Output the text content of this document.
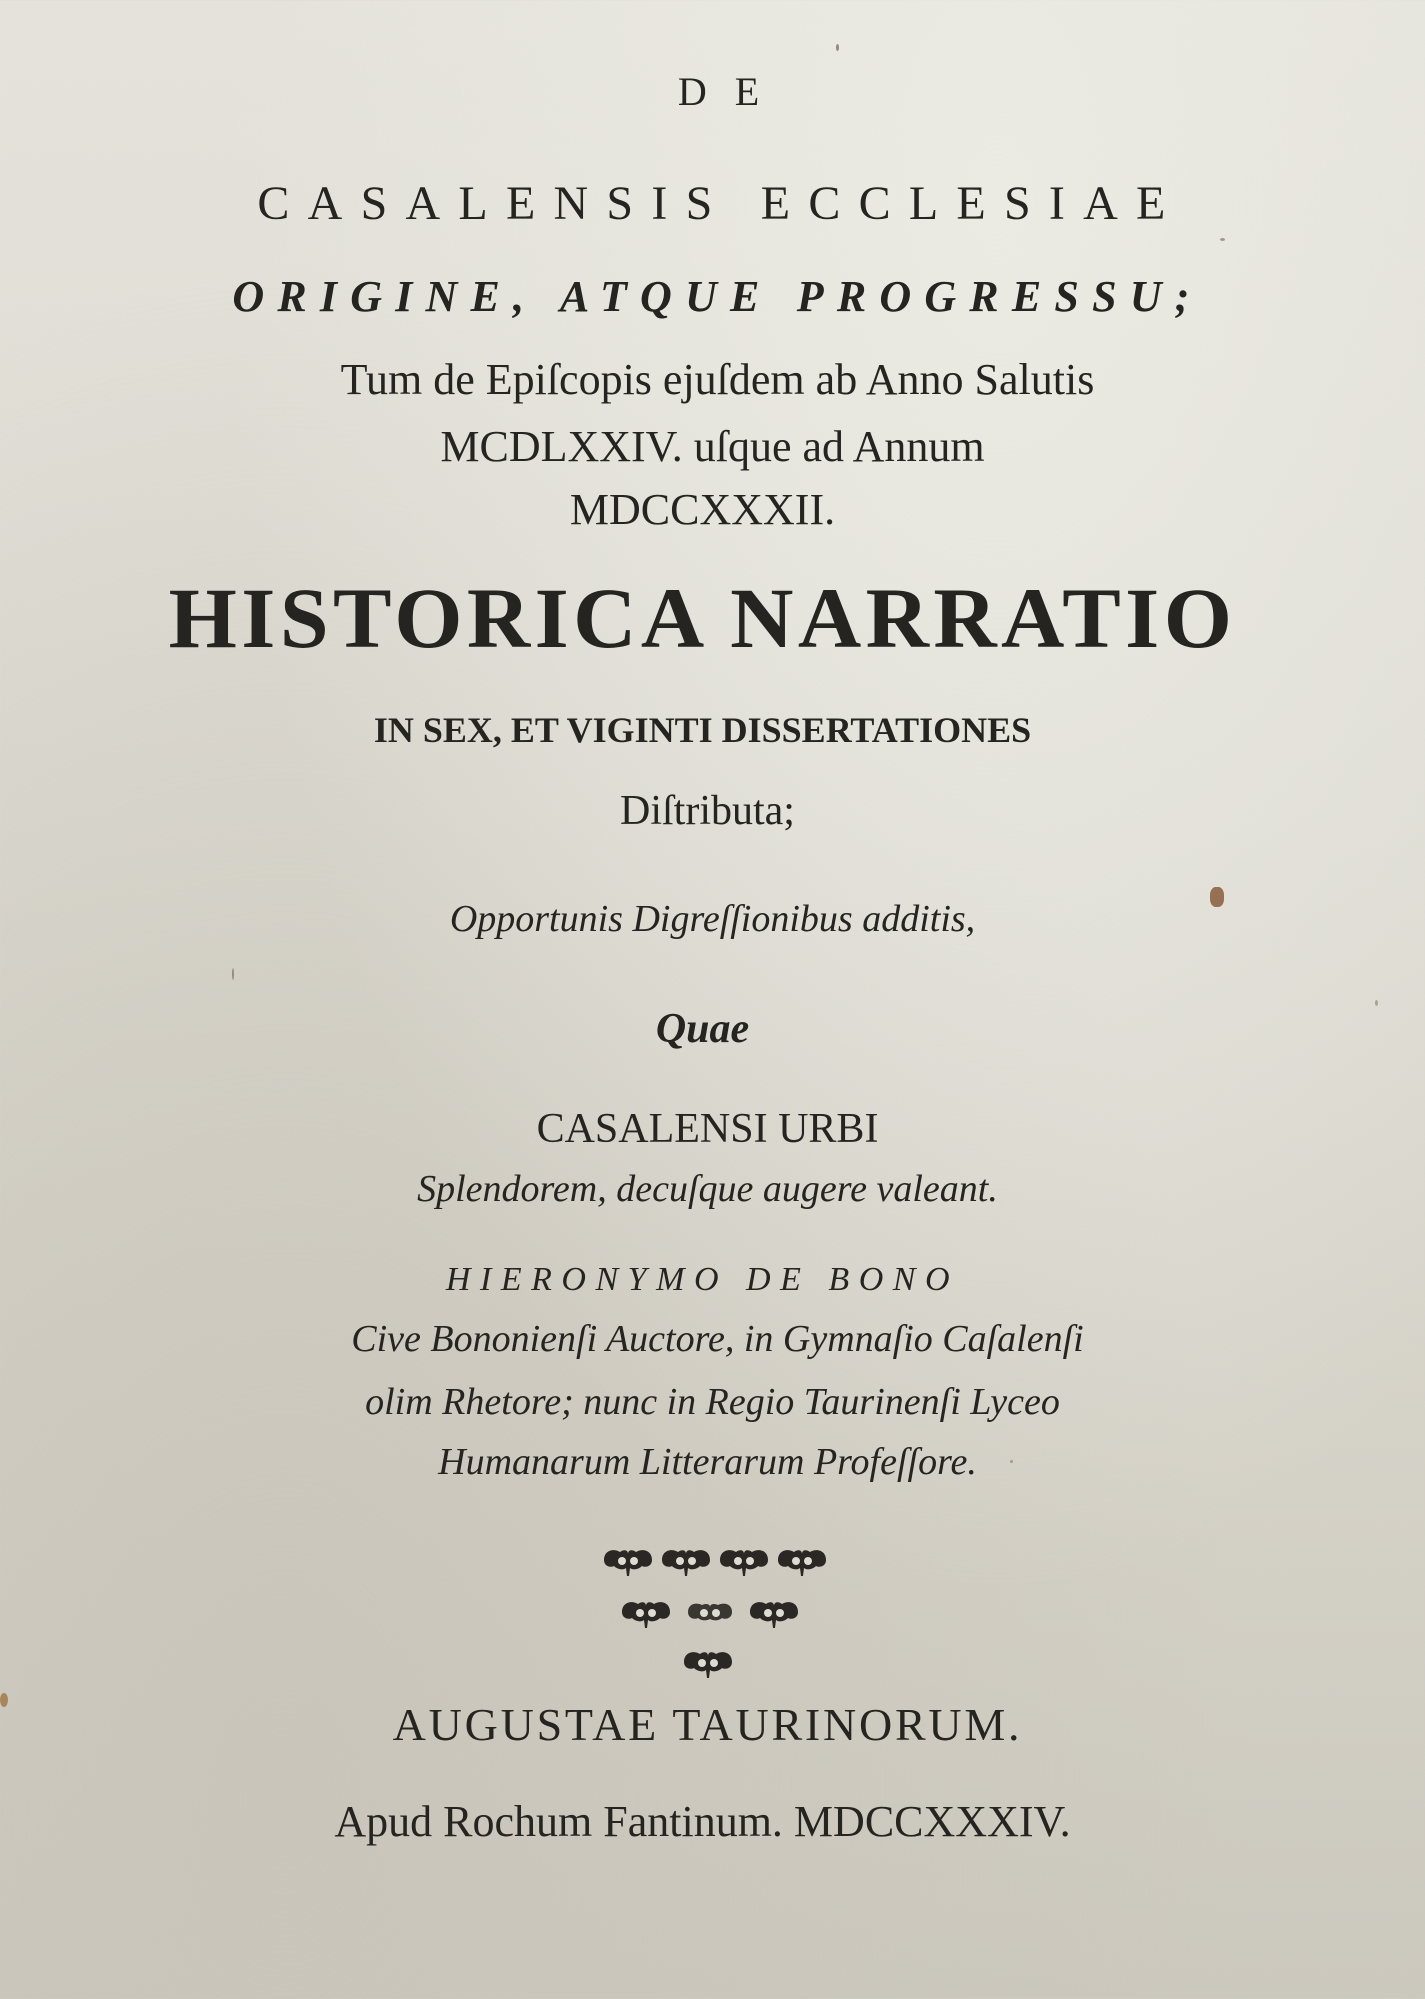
DE
CASALENSIS ECCLESIAE
ORIGINE, ATQUE PROGRESSU;
Tum de Epiſcopis ejuſdem ab Anno Salutis
MCDLXXIV. uſque ad Annum
MDCCXXXII.
HISTORICA NARRATIO
IN SEX, ET VIGINTI DISSERTATIONES
Diſtributa;
Opportunis Digreſſionibus additis,
Quae
CASALENSI URBI
Splendorem, decuſque augere valeant.
HIERONYMO DE BONO
Cive Bononienſi Auctore, in Gymnaſio Caſalenſi
olim Rhetore; nunc in Regio Taurinenſi Lyceo
Humanarum Litterarum Profeſſore.
AUGUSTAE TAURINORUM.
Apud Rochum Fantinum. MDCCXXXIV.
